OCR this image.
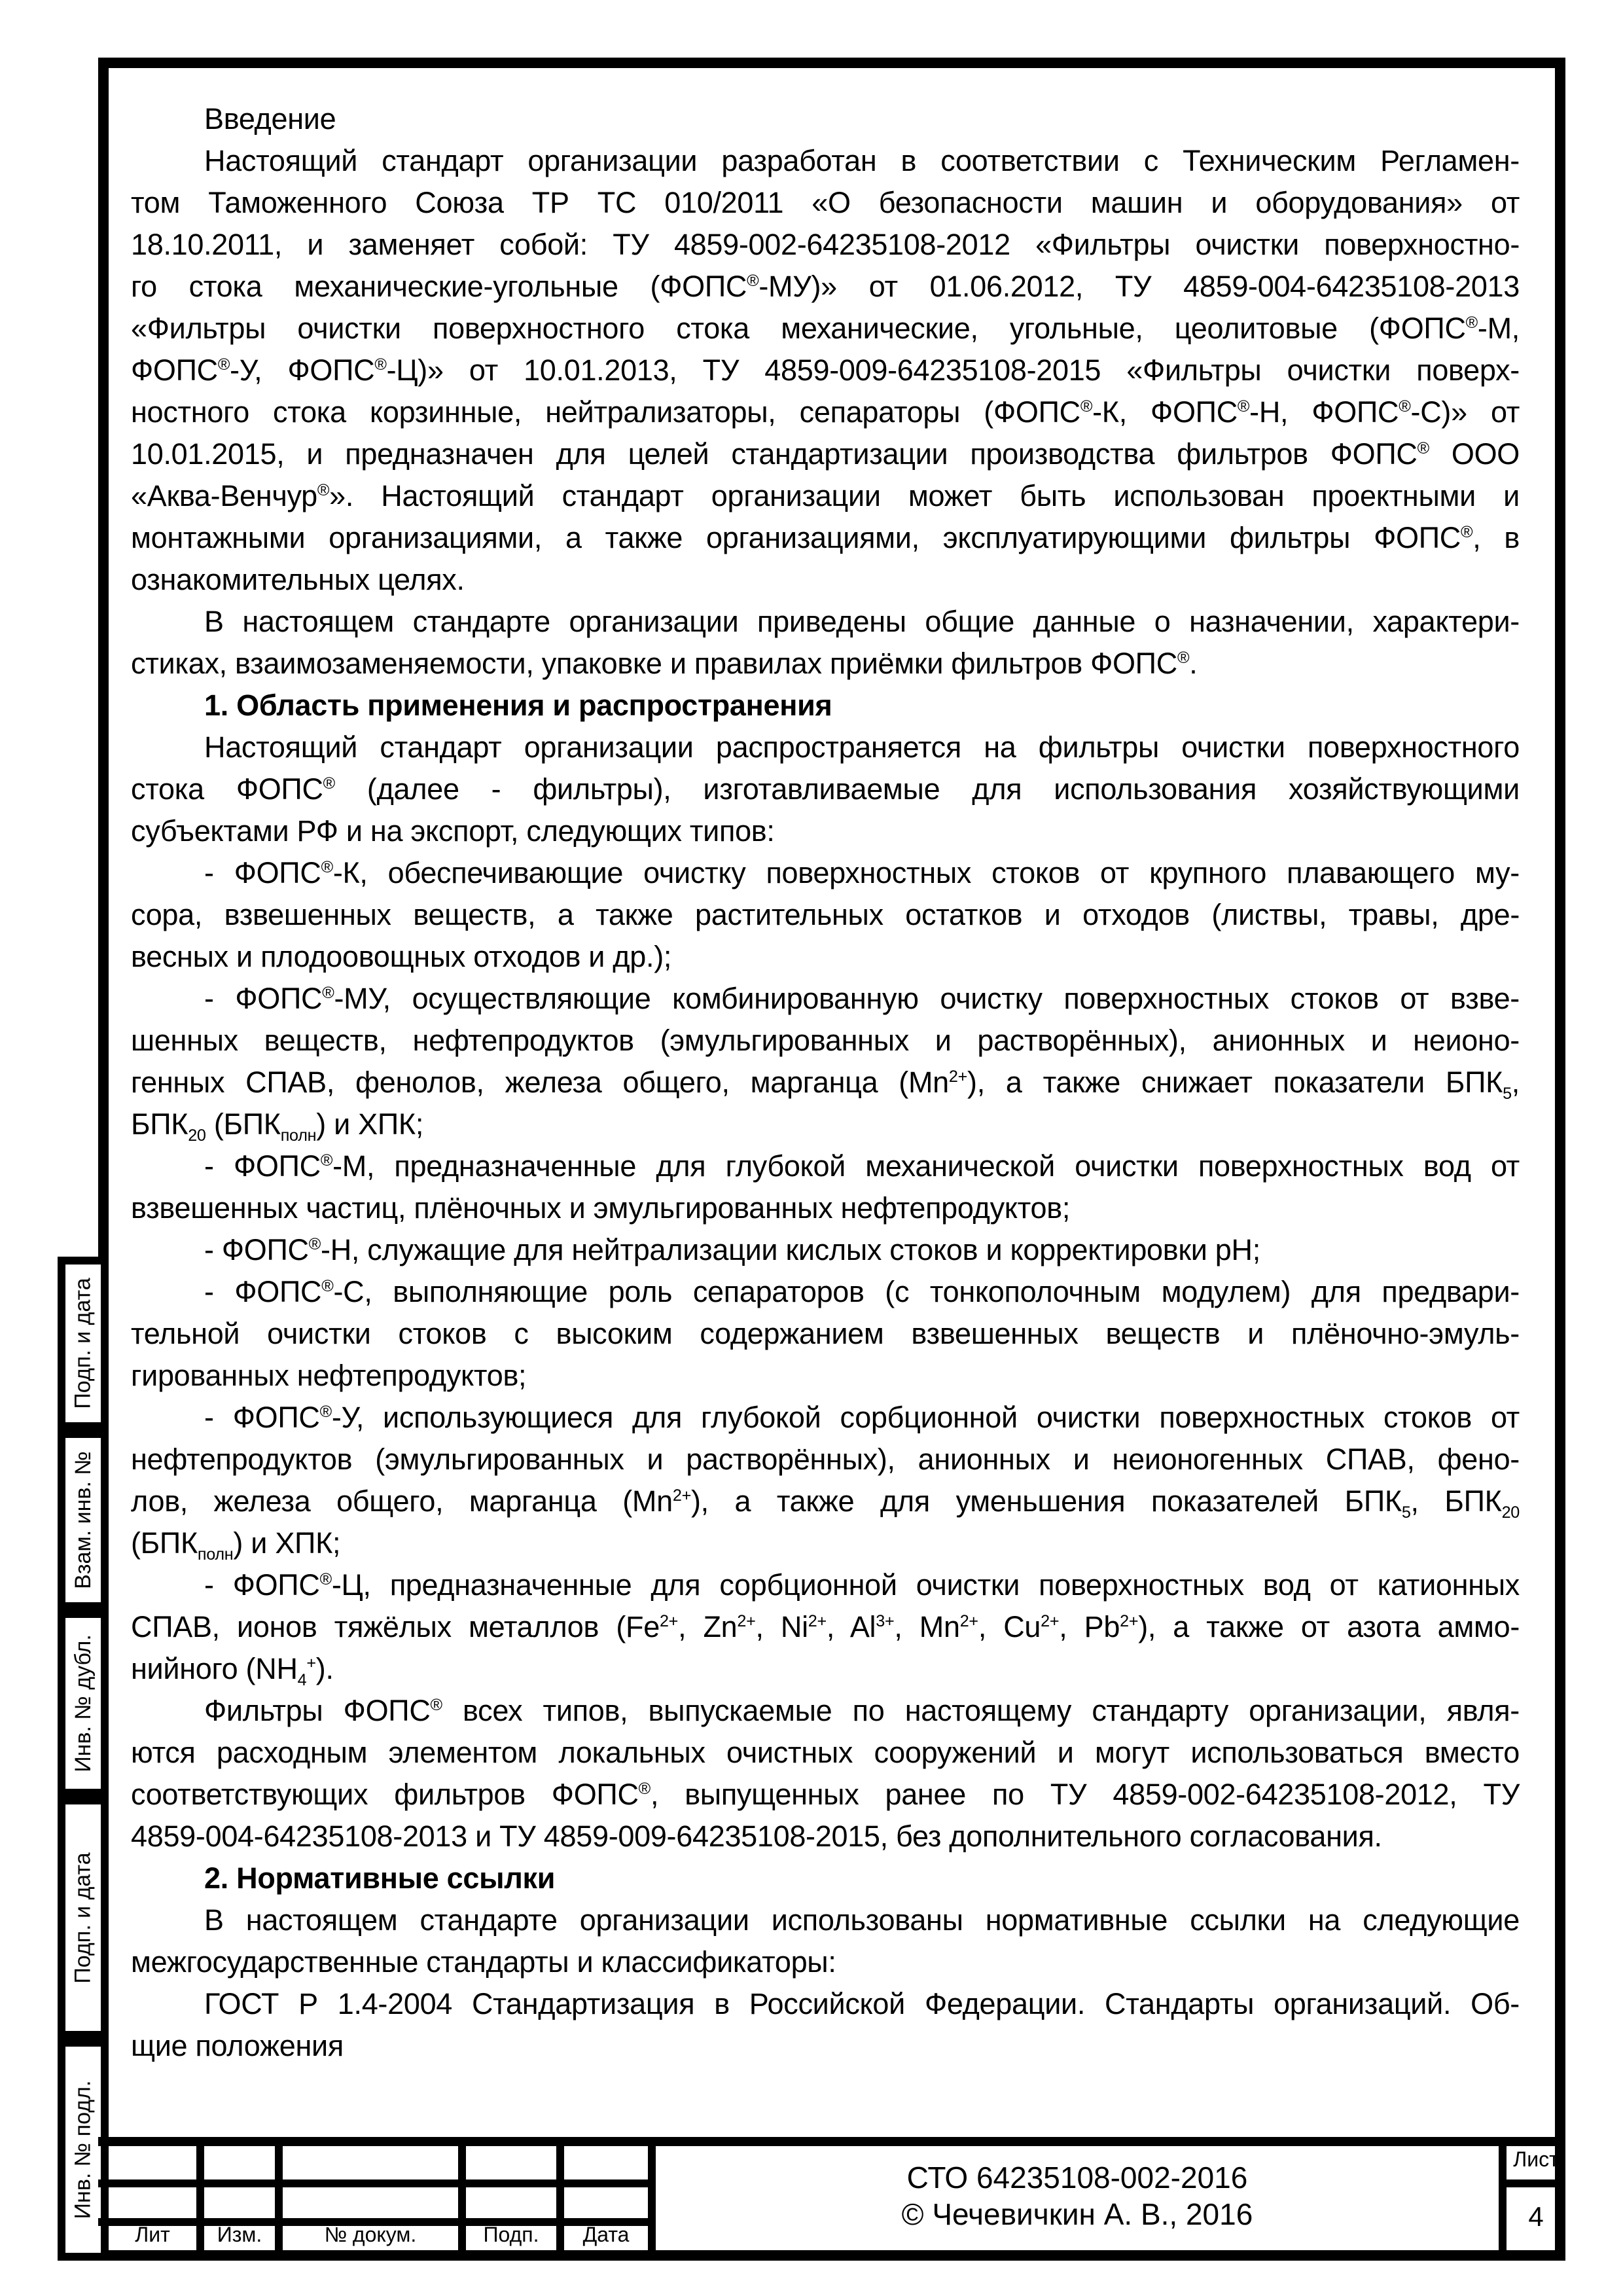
Введение
Настоящий стандарт организации разработан в соответствии с Техническим Регламен-
том Таможенного Союза ТР ТС 010/2011 «О безопасности машин и оборудования» от
18.10.2011, и заменяет собой: ТУ 4859-002-64235108-2012 «Фильтры очистки поверхностно-
го стока механические-угольные (ФОПС®-МУ)» от 01.06.2012, ТУ 4859-004-64235108-2013
«Фильтры очистки поверхностного стока механические, угольные, цеолитовые (ФОПС®-М,
ФОПС®-У, ФОПС®-Ц)» от 10.01.2013, ТУ 4859-009-64235108-2015 «Фильтры очистки поверх-
ностного стока корзинные, нейтрализаторы, сепараторы (ФОПС®-К, ФОПС®-Н, ФОПС®-С)» от
10.01.2015, и предназначен для целей стандартизации производства фильтров ФОПС® ООО
«Аква-Венчур®». Настоящий стандарт организации может быть использован проектными и
монтажными организациями, а также организациями, эксплуатирующими фильтры ФОПС®, в
ознакомительных целях.
В настоящем стандарте организации приведены общие данные о назначении, характери-
стиках, взаимозаменяемости, упаковке и правилах приёмки фильтров ФОПС®.
1. Область применения и распространения
Настоящий стандарт организации распространяется на фильтры очистки поверхностного
стока ФОПС® (далее - фильтры), изготавливаемые для использования хозяйствующими
субъектами РФ и на экспорт, следующих типов:
- ФОПС®-К, обеспечивающие очистку поверхностных стоков от крупного плавающего му-
сора, взвешенных веществ, а также растительных остатков и отходов (листвы, травы, дре-
весных и плодоовощных отходов и др.);
- ФОПС®-МУ, осуществляющие комбинированную очистку поверхностных стоков от взве-
шенных веществ, нефтепродуктов (эмульгированных и растворённых), анионных и неионо-
генных СПАВ, фенолов, железа общего, марганца $(Mn^{2+})$, а также снижает показатели $БПК_5$,
$БПК_{20}$ $(БПК_{полн})$ и ХПК;
- ФОПС®-М, предназначенные для глубокой механической очистки поверхностных вод от
взвешенных частиц, плёночных и эмульгированных нефтепродуктов;
- ФОПС®-Н, служащие для нейтрализации кислых стоков и корректировки pH;
- ФОПС®-С, выполняющие роль сепараторов (с тонкополочным модулем) для предвари-
тельной очистки стоков с высоким содержанием взвешенных веществ и плёночно-эмуль-
гированных нефтепродуктов;
- ФОПС®-У, использующиеся для глубокой сорбционной очистки поверхностных стоков от
нефтепродуктов (эмульгированных и растворённых), анионных и неионогенных СПАВ, фено-
лов, железа общего, марганца $(Mn^{2+})$, а также для уменьшения показателей $БПК_5$, $БПК_{20}$
$(БПК_{полн})$ и ХПК;
- ФОПС®-Ц, предназначенные для сорбционной очистки поверхностных вод от катионных
СПАВ, ионов тяжёлых металлов ($Fe^{2+}$, $Zn^{2+}$, $Ni^{2+}$, $Al^{3+}$, $Mn^{2+}$, $Cu^{2+}$, $Pb^{2+}$), а также от азота аммо-
нийного $(NH_4^+)$.
Фильтры ФОПС® всех типов, выпускаемые по настоящему стандарту организации, явля-
ются расходным элементом локальных очистных сооружений и могут использоваться вместо
соответствующих фильтров ФОПС®, выпущенных ранее по ТУ 4859-002-64235108-2012, ТУ
4859-004-64235108-2013 и ТУ 4859-009-64235108-2015, без дополнительного согласования.
2. Нормативные ссылки
В настоящем стандарте организации использованы нормативные ссылки на следующие
межгосударственные стандарты и классификаторы:
ГОСТ Р 1.4-2004 Стандартизация в Российской Федерации. Стандарты организаций. Об-
щие положения
Подп. и дата
Взам. инв. №
Инв. № дубл.
Подп. и дата
Инв. № подл.
Лит	Изм.	№ докум.	Подп.	Дата
СТО 64235108-002-2016
© Чечевичкин А. В., 2016
Лист
4
